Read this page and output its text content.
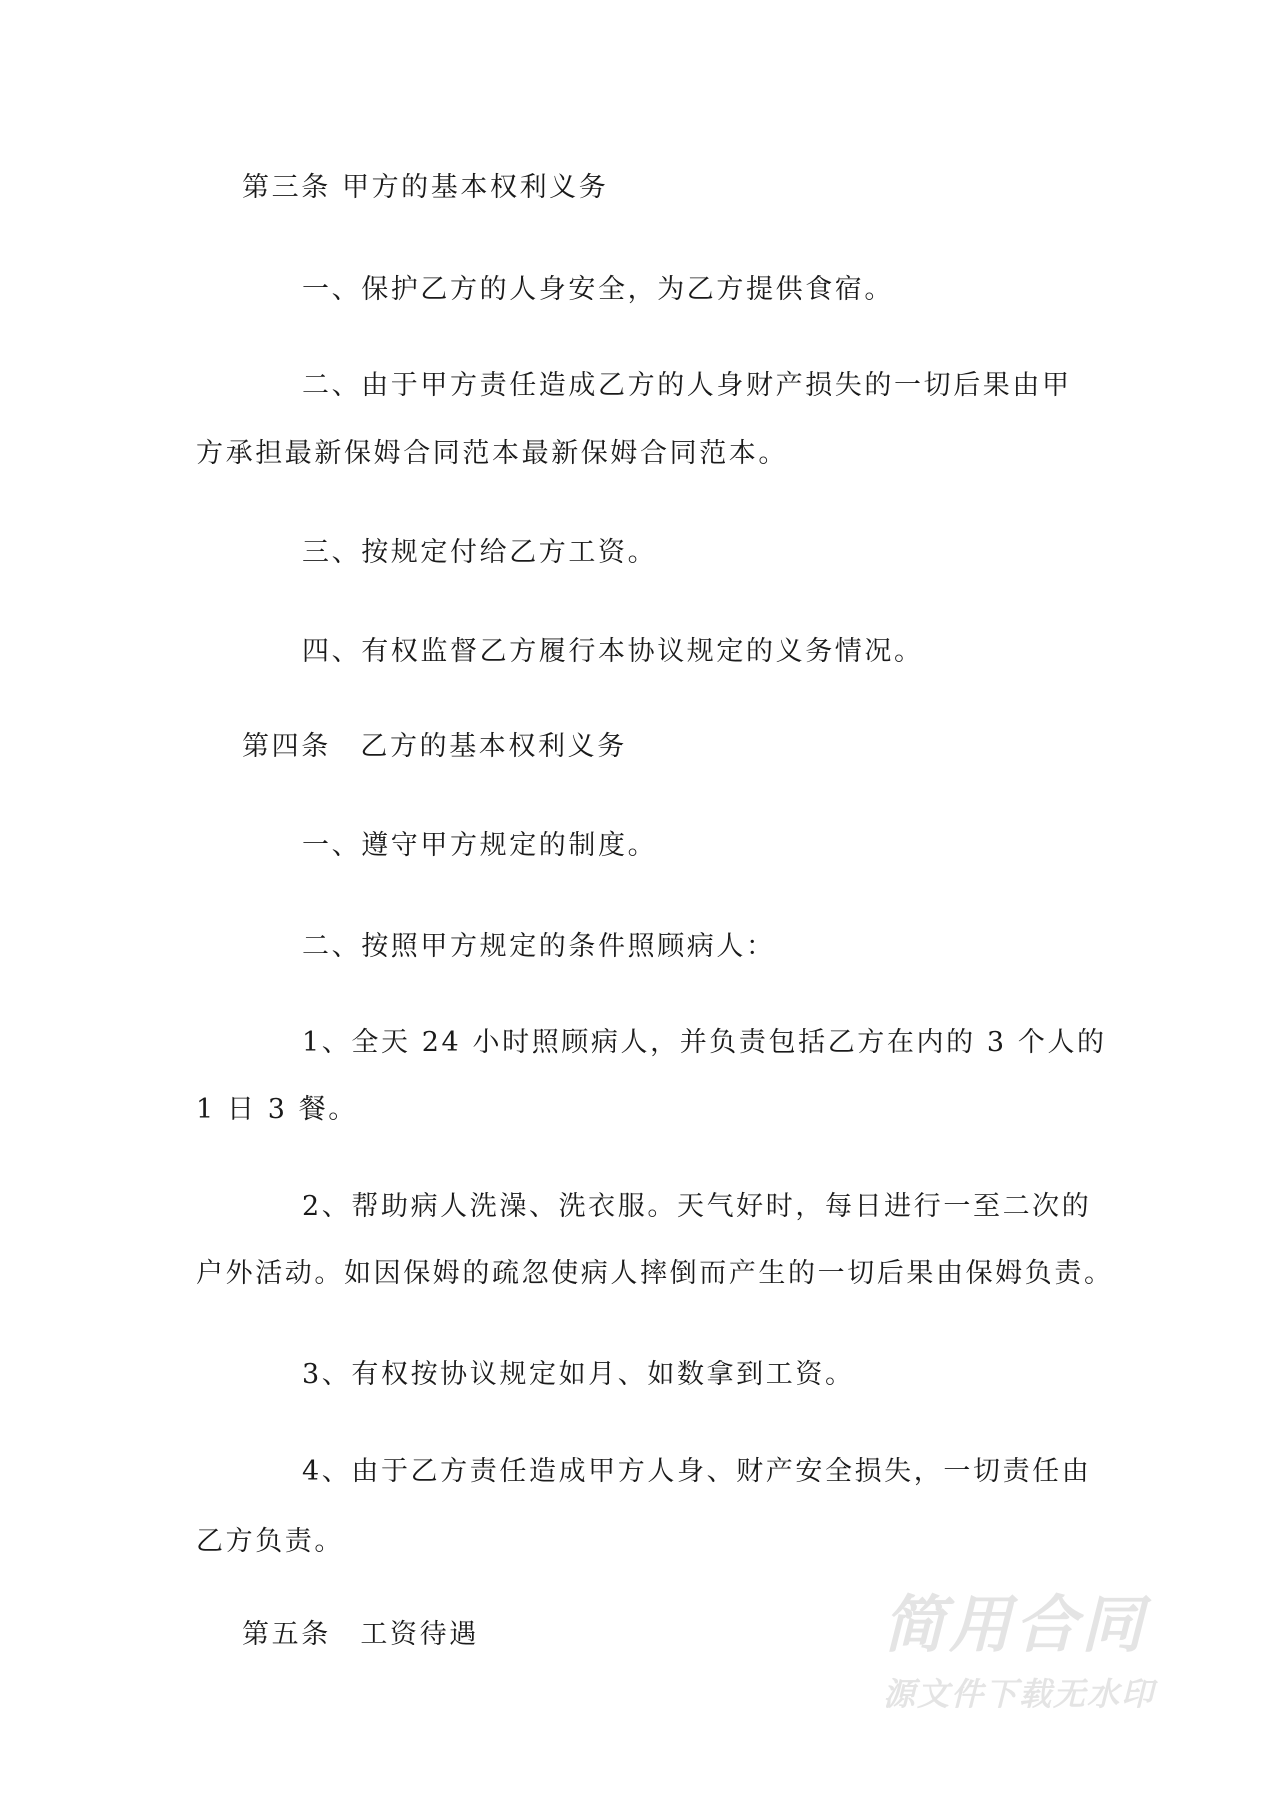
第三条 甲方的基本权利义务
一、保护乙方的人身安全，为乙方提供食宿。
二、由于甲方责任造成乙方的人身财产损失的一切后果由甲
方承担最新保姆合同范本最新保姆合同范本。
三、按规定付给乙方工资。
四、有权监督乙方履行本协议规定的义务情况。
第四条　乙方的基本权利义务
一、遵守甲方规定的制度。
二、按照甲方规定的条件照顾病人：
1、全天 24 小时照顾病人，并负责包括乙方在内的 3 个人的
1 日 3 餐。
2、帮助病人洗澡、洗衣服。天气好时，每日进行一至二次的
户外活动。如因保姆的疏忽使病人摔倒而产生的一切后果由保姆负责。
3、有权按协议规定如月、如数拿到工资。
4、由于乙方责任造成甲方人身、财产安全损失，一切责任由
乙方负责。
第五条　工资待遇	简用合同
源文件下载无水印
